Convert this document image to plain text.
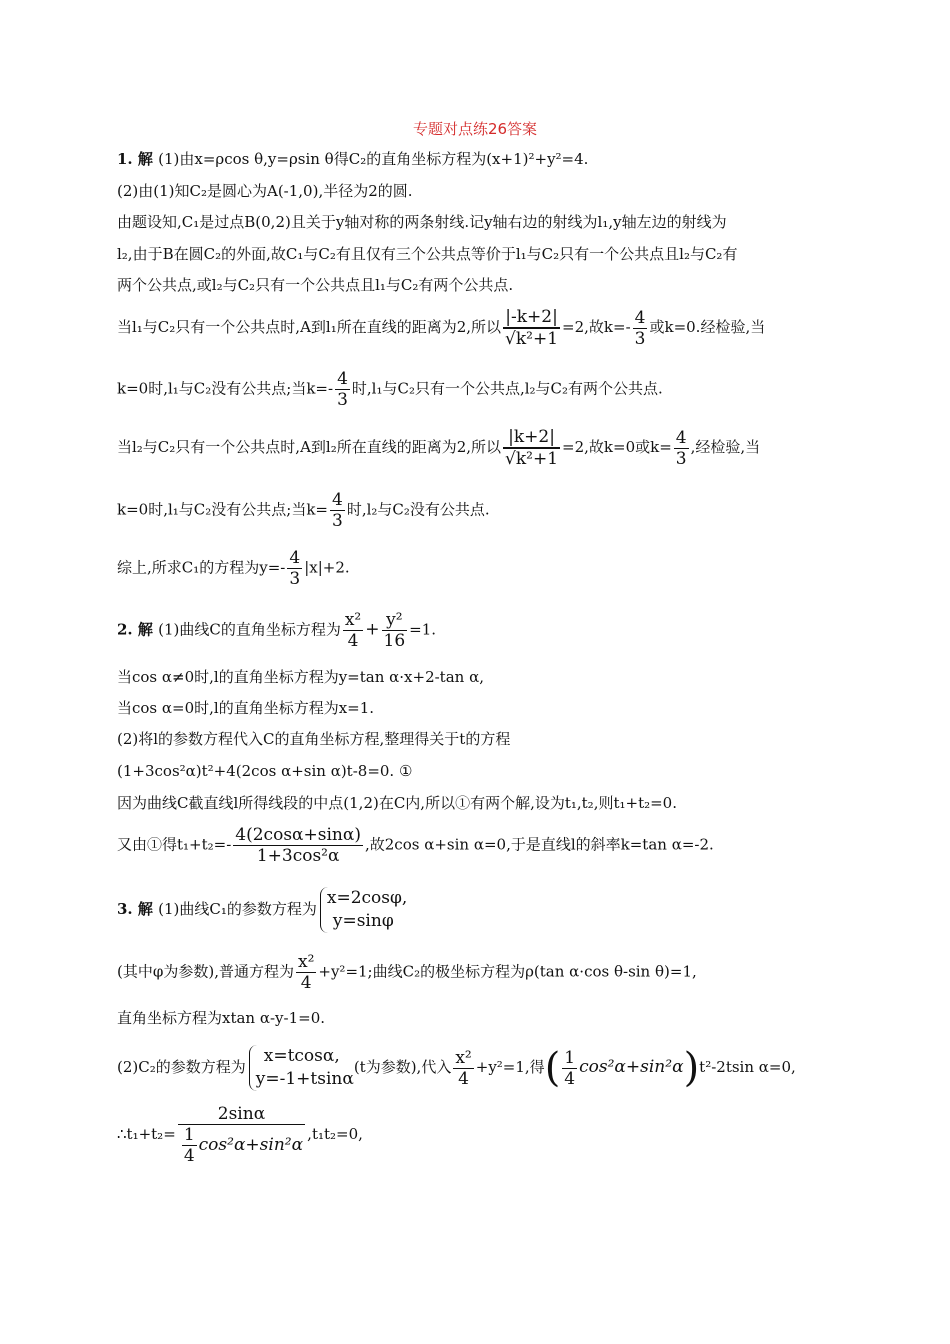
专题对点练26答案
1. 解 (1)由x=ρcos θ,y=ρsin θ得C₂的直角坐标方程为(x+1)²+y²=4.
(2)由(1)知C₂是圆心为A(-1,0),半径为2的圆.
由题设知,C₁是过点B(0,2)且关于y轴对称的两条射线.记y轴右边的射线为l₁,y轴左边的射线为
l₂,由于B在圆C₂的外面,故C₁与C₂有且仅有三个公共点等价于l₁与C₂只有一个公共点且l₂与C₂有
两个公共点,或l₂与C₂只有一个公共点且l₁与C₂有两个公共点.
当l₁与C₂只有一个公共点时,A到l₁所在直线的距离为2,所以 $\frac{|-k+2|}{\text{√k²+1}} =2$,故$k=- \frac{4}{3}$ 或k=0.经检验,当
k=0时,l₁与C₂没有公共点;当$k=- \frac{4}{3}$ 时,l₁与C₂只有一个公共点,l₂与C₂有两个公共点.
当l₂与C₂只有一个公共点时,A到l₂所在直线的距离为2,所以 $\frac{|k+2|}{\text{√k²+1}} =2$,故k=0或$k= \frac{4}{3}$ ,经检验,当
k=0时,l₁与C₂没有公共点;当$k= \frac{4}{3}$ 时,l₂与C₂没有公共点.
综上,所求C₁的方程为$y=- \frac{4}{3} |x|+2$.
2. 解 (1)曲线C的直角坐标方程为 $\frac{\text{x²}}{4} + \frac{\text{y²}}{16} =1$.
当cos α≠0时,l的直角坐标方程为y=tan α·x+2-tan α,
当cos α=0时,l的直角坐标方程为x=1.
(2)将l的参数方程代入C的直角坐标方程,整理得关于t的方程
(1+3cos²α)t²+4(2cos α+sin α)t-8=0. ①
因为曲线C截直线l所得线段的中点(1,2)在C内,所以①有两个解,设为t₁,t₂,则t₁+t₂=0.
又由①得$t_1+t_2=- \frac{4(2\cos\alpha+\sin\alpha)}{\text{1+3cos²α}}$ ,故2cos α+sin α=0,于是直线l的斜率k=tan α=-2.
3. 解 (1)曲线C₁的参数方程为
x=2cosφ,
y=sinφ
(其中φ为参数),普通方程为 $\frac{\text{x²}}{4} +y^2=1$;曲线C₂的极坐标方程为ρ(tan α·cos θ-sin θ)=1,
直角坐标方程为xtan α-y-1=0.
(2)C₂的参数方程为
x=tcosα,
y=-1+tsinα
(t为参数),代入 $\frac{\text{x²}}{4} +y^2=1$,得( $\frac{1}{4} \cos^2\alpha+\sin^2\alpha)t^2-2tsin$ α=0,
∴t₁+t₂= $\frac{2\sin\alpha}{\frac{1}{4} \cos^2\alpha+\sin^2\alpha} ,t_1t_2=0$,
